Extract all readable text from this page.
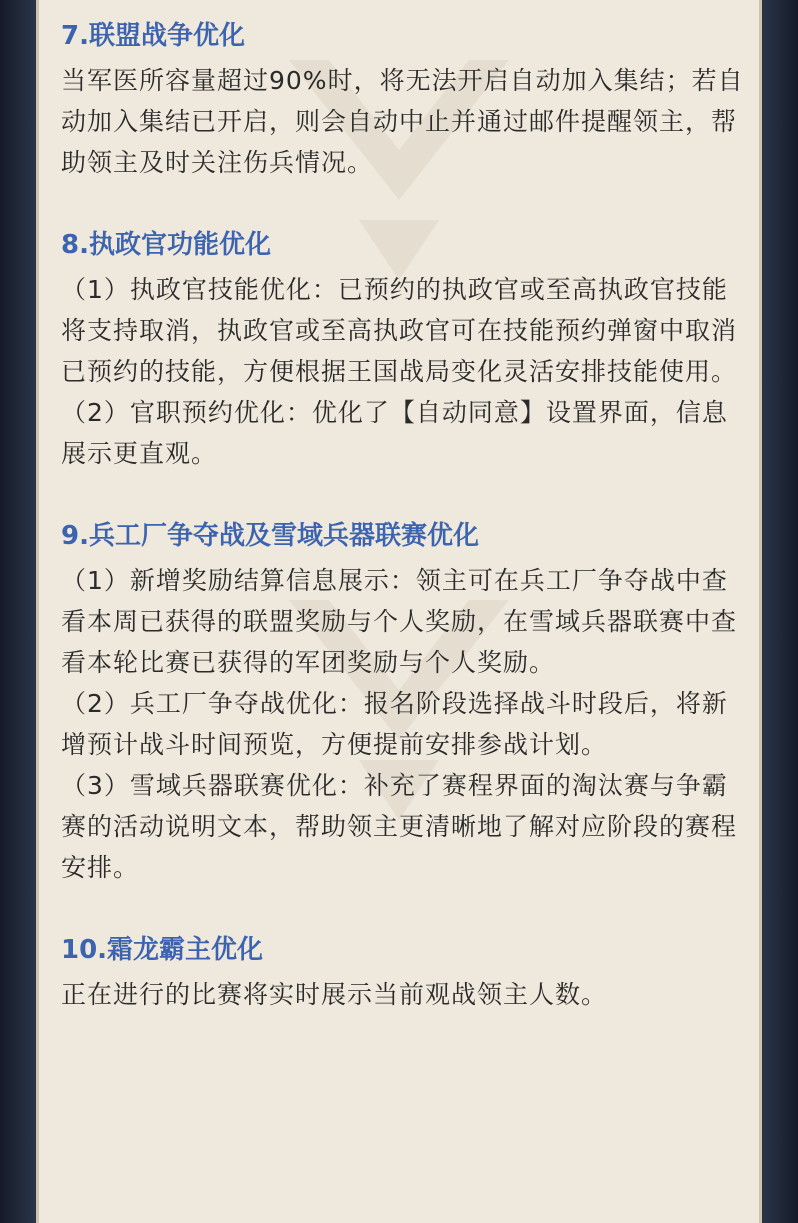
7.联盟战争优化

当军医所容量超过90%时，将无法开启自动加入集结；若自动加入集结已开启，则会自动中止并通过邮件提醒领主，帮助领主及时关注伤兵情况。

8.执政官功能优化

（1）执政官技能优化：已预约的执政官或至高执政官技能将支持取消，执政官或至高执政官可在技能预约弹窗中取消已预约的技能，方便根据王国战局变化灵活安排技能使用。

（2）官职预约优化：优化了【自动同意】设置界面，信息展示更直观。

9.兵工厂争夺战及雪域兵器联赛优化

（1）新增奖励结算信息展示：领主可在兵工厂争夺战中查看本周已获得的联盟奖励与个人奖励，在雪域兵器联赛中查看本轮比赛已获得的军团奖励与个人奖励。

（2）兵工厂争夺战优化：报名阶段选择战斗时段后，将新增预计战斗时间预览，方便提前安排参战计划。

（3）雪域兵器联赛优化：补充了赛程界面的淘汰赛与争霸赛的活动说明文本，帮助领主更清晰地了解对应阶段的赛程安排。

10.霜龙霸主优化

正在进行的比赛将实时展示当前观战领主人数。
